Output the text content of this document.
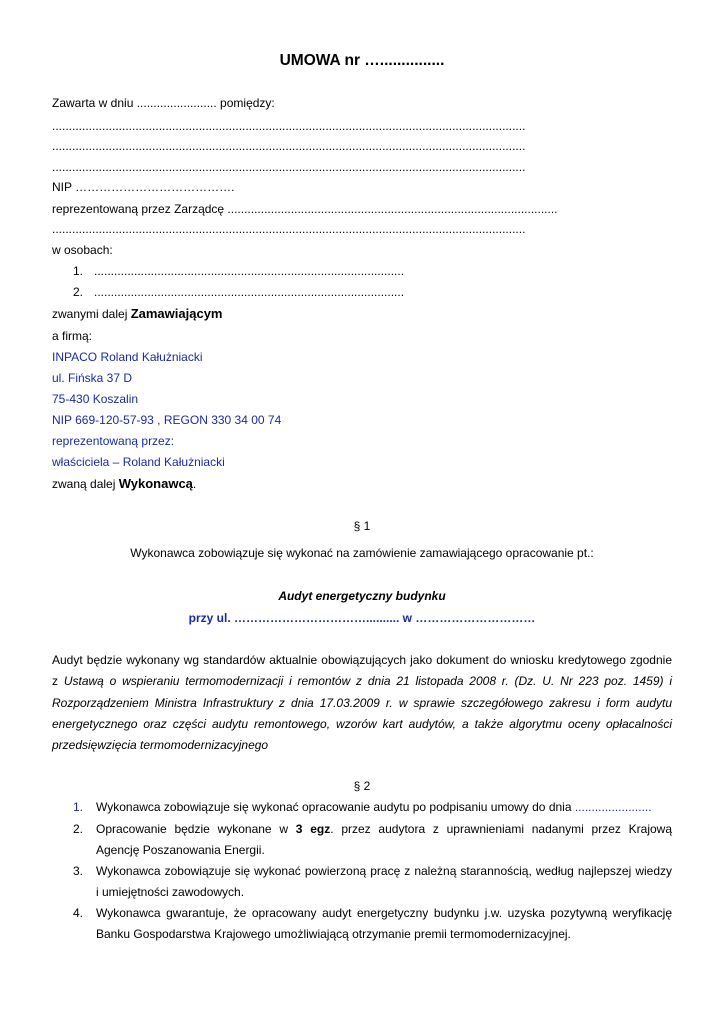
UMOWA nr …...............
Zawarta w dniu ........................ pomiędzy:
..............................................................................................................................................
..............................................................................................................................................
..............................................................................................................................................
NIP ………………………………….
reprezentowaną przez Zarządcę ...................................................................................................
..............................................................................................................................................
w osobach:
1. .............................................................................................
2. .............................................................................................
zwanymi dalej Zamawiającym
a firmą:
INPACO Roland Kałużniacki
ul. Fińska 37 D
75-430 Koszalin
NIP 669-120-57-93 , REGON 330 34 00 74
reprezentowaną przez:
właściciela – Roland Kałużniacki
zwaną dalej Wykonawcą.
§ 1
Wykonawca zobowiązuje się wykonać na zamówienie zamawiającego opracowanie pt.:
Audyt energetyczny budynku
przy ul. …………………………….......... w …………………………
Audyt będzie wykonany wg standardów aktualnie obowiązujących jako dokument do wniosku kredytowego zgodnie
z Ustawą o wspieraniu termomodernizacji i remontów z dnia 21 listopada 2008 r. (Dz. U. Nr 223 poz. 1459) i
Rozporządzeniem Ministra Infrastruktury z dnia 17.03.2009 r. w sprawie szczegółowego zakresu i form audytu
energetycznego oraz części audytu remontowego, wzorów kart audytów, a także algorytmu oceny opłacalności
przedsięwzięcia termomodernizacyjnego
§ 2
1. Wykonawca zobowiązuje się wykonać opracowanie audytu po podpisaniu umowy do dnia .......................
2. Opracowanie będzie wykonane w 3 egz. przez audytora z uprawnieniami nadanymi przez Krajową
Agencję Poszanowania Energii.
3. Wykonawca zobowiązuje się wykonać powierzoną pracę z należną starannością, według najlepszej wiedzy
i umiejętności zawodowych.
4. Wykonawca gwarantuje, że opracowany audyt energetyczny budynku j.w. uzyska pozytywną weryfikację
Banku Gospodarstwa Krajowego umożliwiającą otrzymanie premii termomodernizacyjnej.
